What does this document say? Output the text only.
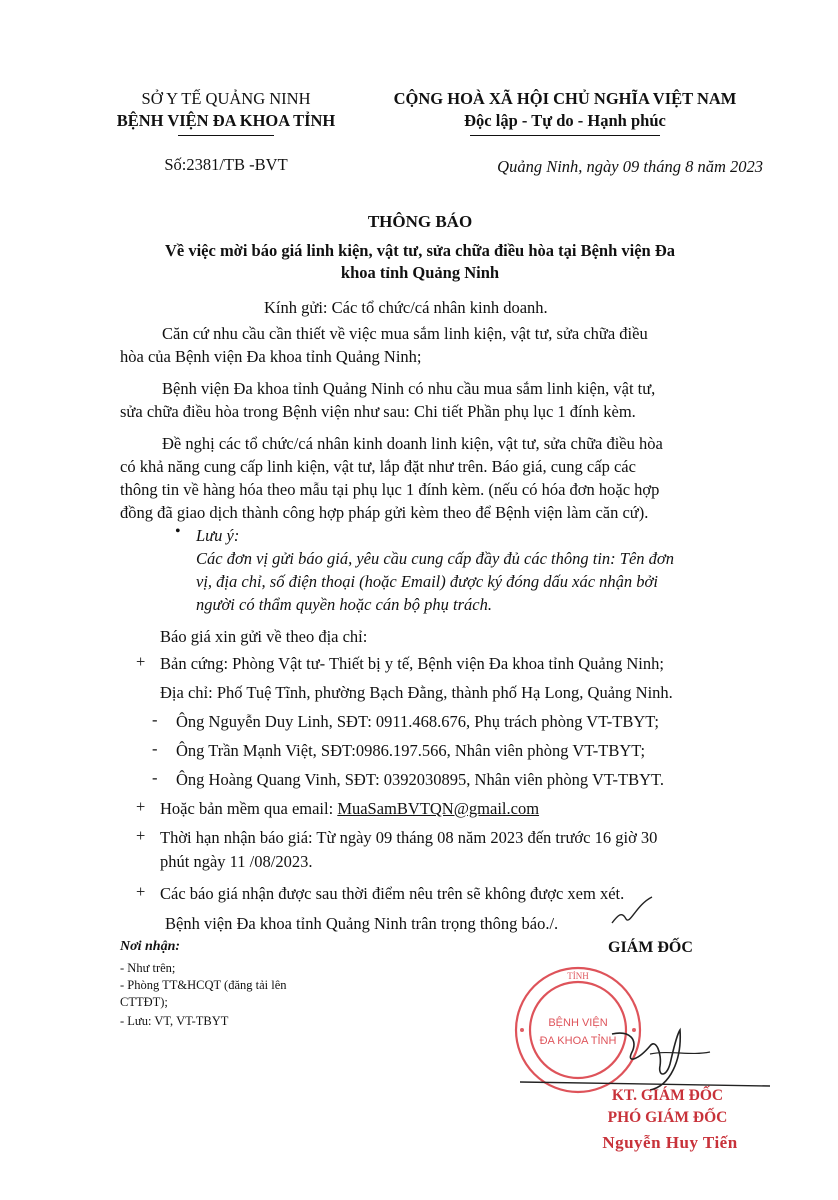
SỞ Y TẾ QUẢNG NINH
BỆNH VIỆN ĐA KHOA TỈNH
Số:2381/TB -BVT
CỘNG HOÀ XÃ HỘI CHỦ NGHĨA VIỆT NAM
Độc lập - Tự do - Hạnh phúc
Quảng Ninh, ngày 09 tháng 8 năm 2023
THÔNG BÁO
Về việc mời báo giá linh kiện, vật tư, sửa chữa điều hòa tại Bệnh viện Đa
khoa tỉnh Quảng Ninh
Kính gửi: Các tổ chức/cá nhân kinh doanh.
Căn cứ nhu cầu cần thiết về việc mua sắm linh kiện, vật tư, sửa chữa điều
hòa của Bệnh viện Đa khoa tỉnh Quảng Ninh;
Bệnh viện Đa khoa tỉnh Quảng Ninh có nhu cầu mua sắm linh kiện, vật tư,
sửa chữa điều hòa trong Bệnh viện như sau: Chi tiết Phần phụ lục 1 đính kèm.
Đề nghị các tổ chức/cá nhân kinh doanh linh kiện, vật tư, sửa chữa điều hòa
có khả năng cung cấp linh kiện, vật tư, lắp đặt như trên. Báo giá, cung cấp các
thông tin về hàng hóa theo mẫu tại phụ lục 1 đính kèm. (nếu có hóa đơn hoặc hợp
đồng đã giao dịch thành công hợp pháp gửi kèm theo để Bệnh viện làm căn cứ).
• Lưu ý:
Các đơn vị gửi báo giá, yêu cầu cung cấp đầy đủ các thông tin: Tên đơn
vị, địa chỉ, số điện thoại (hoặc Email) được ký đóng dấu xác nhận bởi
người có thẩm quyền hoặc cán bộ phụ trách.
Báo giá xin gửi về theo địa chỉ:
+ Bản cứng: Phòng Vật tư- Thiết bị y tế, Bệnh viện Đa khoa tỉnh Quảng Ninh;
Địa chỉ: Phố Tuệ Tĩnh, phường Bạch Đằng, thành phố Hạ Long, Quảng Ninh.
- Ông Nguyễn Duy Linh, SĐT: 0911.468.676, Phụ trách phòng VT-TBYT;
- Ông Trần Mạnh Việt, SĐT:0986.197.566, Nhân viên phòng VT-TBYT;
- Ông Hoàng Quang Vinh, SĐT: 0392030895, Nhân viên phòng VT-TBYT.
+ Hoặc bản mềm qua email: MuaSamBVTQN@gmail.com
+ Thời hạn nhận báo giá: Từ ngày 09 tháng 08 năm 2023 đến trước 16 giờ 30
phút ngày 11 /08/2023.
+ Các báo giá nhận được sau thời điểm nêu trên sẽ không được xem xét.
Bệnh viện Đa khoa tỉnh Quảng Ninh trân trọng thông báo./.
Nơi nhận:
- Như trên;
- Phòng TT&HCQT (đăng tải lên
CTTĐT);
- Lưu: VT, VT-TBYT
GIÁM ĐỐC
TỈNH
BỆNH VIỆN
ĐA KHOA TỈNH
KT. GIÁM ĐỐC
PHÓ GIÁM ĐỐC
Nguyễn Huy Tiến
